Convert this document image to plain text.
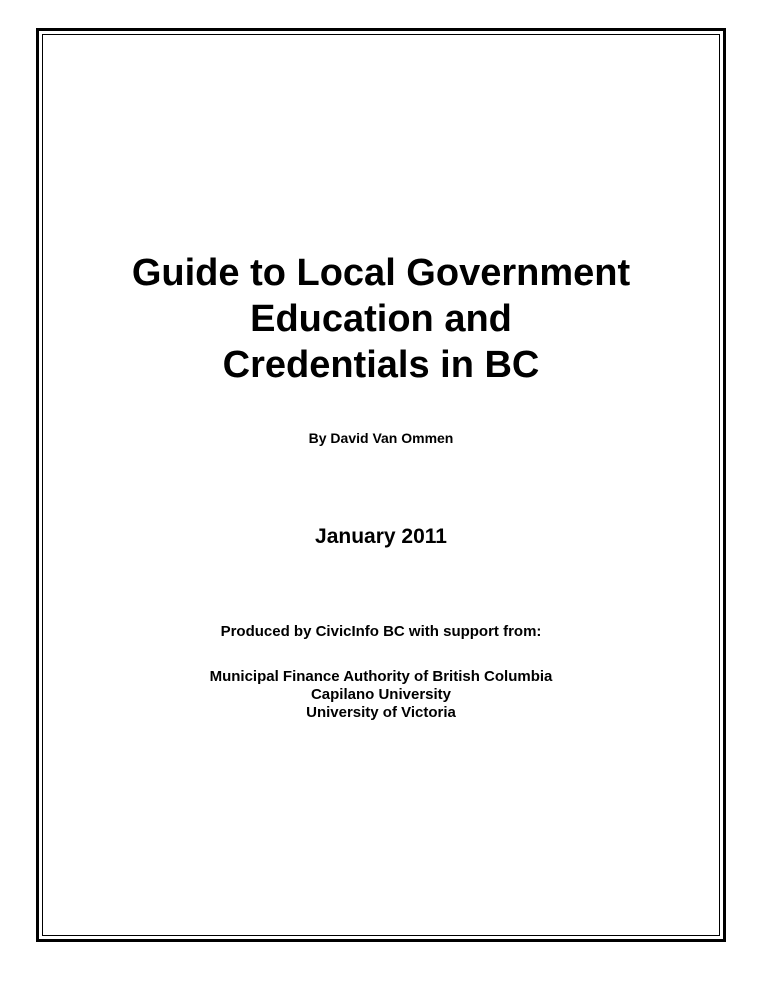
Guide to Local Government
Education and
Credentials in BC
By David Van Ommen
January 2011
Produced by CivicInfo BC with support from:
Municipal Finance Authority of British Columbia
Capilano University
University of Victoria
